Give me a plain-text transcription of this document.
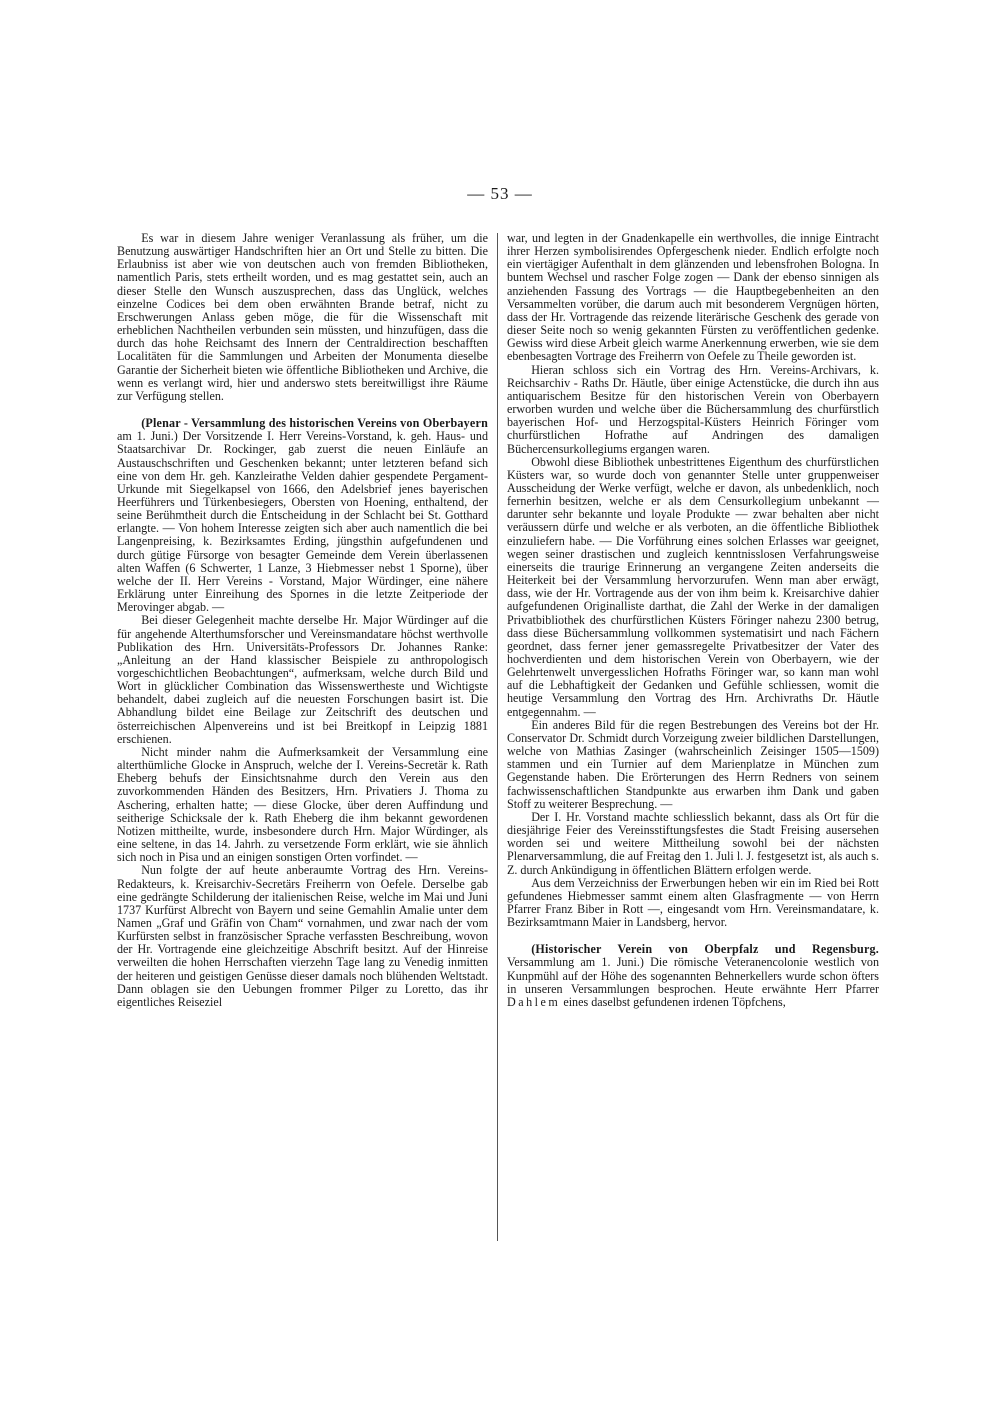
— 53 —

Es war in diesem Jahre weniger Veranlassung als früher, um die Benutzung auswärtiger Handschriften hier an Ort und Stelle zu bitten. Die Erlaubniss ist aber wie von deutschen auch von fremden Bibliotheken, namentlich Paris, stets ertheilt worden, und es mag gestattet sein, auch an dieser Stelle den Wunsch auszusprechen, dass das Unglück, welches einzelne Codices bei dem oben erwähnten Brande betraf, nicht zu Erschwerungen Anlass geben möge, die für die Wissenschaft mit erheblichen Nachtheilen verbunden sein müssten, und hinzufügen, dass die durch das hohe Reichsamt des Innern der Centraldirection beschafften Localitäten für die Sammlungen und Arbeiten der Monumenta dieselbe Garantie der Sicherheit bieten wie öffentliche Bibliotheken und Archive, die wenn es verlangt wird, hier und anderswo stets bereitwilligst ihre Räume zur Verfügung stellen.

(Plenar - Versammlung des historischen Vereins von Oberbayern am 1. Juni.) Der Vorsitzende I. Herr Vereins-Vorstand, k. geh. Haus- und Staatsarchivar Dr. Rockinger, gab zuerst die neuen Einläufe an Austauschschriften und Geschenken bekannt; unter letzteren befand sich eine von dem Hr. geh. Kanzleirathe Velden dahier gespendete Pergament-Urkunde mit Siegelkapsel von 1666, den Adelsbrief jenes bayerischen Heerführers und Türkenbesiegers, Obersten von Hoening, enthaltend, der seine Berühmtheit durch die Entscheidung in der Schlacht bei St. Gotthard erlangte. — Von hohem Interesse zeigten sich aber auch namentlich die bei Langenpreising, k. Bezirksamtes Erding, jüngsthin aufgefundenen und durch gütige Fürsorge von besagter Gemeinde dem Verein überlassenen alten Waffen (6 Schwerter, 1 Lanze, 3 Hiebmesser nebst 1 Sporne), über welche der II. Herr Vereins - Vorstand, Major Würdinger, eine nähere Erklärung unter Einreihung des Spornes in die letzte Zeitperiode der Merovinger abgab. —

Bei dieser Gelegenheit machte derselbe Hr. Major Würdinger auf die für angehende Alterthumsforscher und Vereinsmandatare höchst werthvolle Publikation des Hrn. Universitäts-Professors Dr. Johannes Ranke: „Anleitung an der Hand klassischer Beispiele zu anthropologisch vorgeschichtlichen Beobachtungen“, aufmerksam, welche durch Bild und Wort in glücklicher Combination das Wissenswertheste und Wichtigste behandelt, dabei zugleich auf die neuesten Forschungen basirt ist. Die Abhandlung bildet eine Beilage zur Zeitschrift des deutschen und österreichischen Alpenvereins und ist bei Breitkopf in Leipzig 1881 erschienen.

Nicht minder nahm die Aufmerksamkeit der Versammlung eine alterthümliche Glocke in Anspruch, welche der I. Vereins-Secretär k. Rath Eheberg behufs der Einsichtsnahme durch den Verein aus den zuvorkommenden Händen des Besitzers, Hrn. Privatiers J. Thoma zu Aschering, erhalten hatte; — diese Glocke, über deren Auffindung und seitherige Schicksale der k. Rath Eheberg die ihm bekannt gewordenen Notizen mittheilte, wurde, insbesondere durch Hrn. Major Würdinger, als eine seltene, in das 14. Jahrh. zu versetzende Form erklärt, wie sie ähnlich sich noch in Pisa und an einigen sonstigen Orten vorfindet. —

Nun folgte der auf heute anberaumte Vortrag des Hrn. Vereins-Redakteurs, k. Kreisarchiv-Secretärs Freiherrn von Oefele. Derselbe gab eine gedrängte Schilderung der italienischen Reise, welche im Mai und Juni 1737 Kurfürst Albrecht von Bayern und seine Gemahlin Amalie unter dem Namen „Graf und Gräfin von Cham“ vornahmen, und zwar nach der vom Kurfürsten selbst in französischer Sprache verfassten Beschreibung, wovon der Hr. Vortragende eine gleichzeitige Abschrift besitzt. Auf der Hinreise verweilten die hohen Herrschaften vierzehn Tage lang zu Venedig inmitten der heiteren und geistigen Genüsse dieser damals noch blühenden Weltstadt. Dann oblagen sie den Uebungen frommer Pilger zu Loretto, das ihr eigentliches Reiseziel

war, und legten in der Gnadenkapelle ein werthvolles, die innige Eintracht ihrer Herzen symbolisirendes Opfergeschenk nieder. Endlich erfolgte noch ein viertägiger Aufenthalt in dem glänzenden und lebensfrohen Bologna. In buntem Wechsel und rascher Folge zogen — Dank der ebenso sinnigen als anziehenden Fassung des Vortrags — die Hauptbegebenheiten an den Versammelten vorüber, die darum auch mit besonderem Vergnügen hörten, dass der Hr. Vortragende das reizende literärische Geschenk des gerade von dieser Seite noch so wenig gekannten Fürsten zu veröffentlichen gedenke. Gewiss wird diese Arbeit gleich warme Anerkennung erwerben, wie sie dem ebenbesagten Vortrage des Freiherrn von Oefele zu Theile geworden ist.

Hieran schloss sich ein Vortrag des Hrn. Vereins-Archivars, k. Reichsarchiv - Raths Dr. Häutle, über einige Actenstücke, die durch ihn aus antiquarischem Besitze für den historischen Verein von Oberbayern erworben wurden und welche über die Büchersammlung des churfürstlich bayerischen Hof- und Herzogspital-Küsters Heinrich Föringer vom churfürstlichen Hofrathe auf Andringen des damaligen Büchercensurkollegiums ergangen waren.

Obwohl diese Bibliothek unbestrittenes Eigenthum des churfürstlichen Küsters war, so wurde doch von genannter Stelle unter gruppenweiser Ausscheidung der Werke verfügt, welche er davon, als unbedenklich, noch fernerhin besitzen, welche er als dem Censurkollegium unbekannt — darunter sehr bekannte und loyale Produkte — zwar behalten aber nicht veräussern dürfe und welche er als verboten, an die öffentliche Bibliothek einzuliefern habe. — Die Vorführung eines solchen Erlasses war geeignet, wegen seiner drastischen und zugleich kenntnisslosen Verfahrungsweise einerseits die traurige Erinnerung an vergangene Zeiten anderseits die Heiterkeit bei der Versammlung hervorzurufen. Wenn man aber erwägt, dass, wie der Hr. Vortragende aus der von ihm beim k. Kreisarchive dahier aufgefundenen Originalliste darthat, die Zahl der Werke in der damaligen Privatbibliothek des churfürstlichen Küsters Föringer nahezu 2300 betrug, dass diese Büchersammlung vollkommen systematisirt und nach Fächern geordnet, dass ferner jener gemassregelte Privatbesitzer der Vater des hochverdienten und dem historischen Verein von Oberbayern, wie der Gelehrtenwelt unvergesslichen Hofraths Föringer war, so kann man wohl auf die Lebhaftigkeit der Gedanken und Gefühle schliessen, womit die heutige Versammlung den Vortrag des Hrn. Archivraths Dr. Häutle entgegennahm. —

Ein anderes Bild für die regen Bestrebungen des Vereins bot der Hr. Conservator Dr. Schmidt durch Vorzeigung zweier bildlichen Darstellungen, welche von Mathias Zasinger (wahrscheinlich Zeisinger 1505—1509) stammen und ein Turnier auf dem Marienplatze in München zum Gegenstande haben. Die Erörterungen des Herrn Redners von seinem fachwissenschaftlichen Standpunkte aus erwarben ihm Dank und gaben Stoff zu weiterer Besprechung. —

Der I. Hr. Vorstand machte schliesslich bekannt, dass als Ort für die diesjährige Feier des Vereinsstiftungsfestes die Stadt Freising ausersehen worden sei und weitere Mittheilung sowohl bei der nächsten Plenarversammlung, die auf Freitag den 1. Juli l. J. festgesetzt ist, als auch s. Z. durch Ankündigung in öffentlichen Blättern erfolgen werde.

Aus dem Verzeichniss der Erwerbungen heben wir ein im Ried bei Rott gefundenes Hiebmesser sammt einem alten Glasfragmente — von Herrn Pfarrer Franz Biber in Rott —, eingesandt vom Hrn. Vereinsmandatare, k. Bezirksamtmann Maier in Landsberg, hervor.

(Historischer Verein von Oberpfalz und Regensburg. Versammlung am 1. Juni.) Die römische Veteranencolonie westlich von Kunpmühl auf der Höhe des sogenannten Behnerkellers wurde schon öfters in unseren Versammlungen besprochen. Heute erwähnte Herr Pfarrer Dahlem eines daselbst gefundenen irdenen Töpfchens,
